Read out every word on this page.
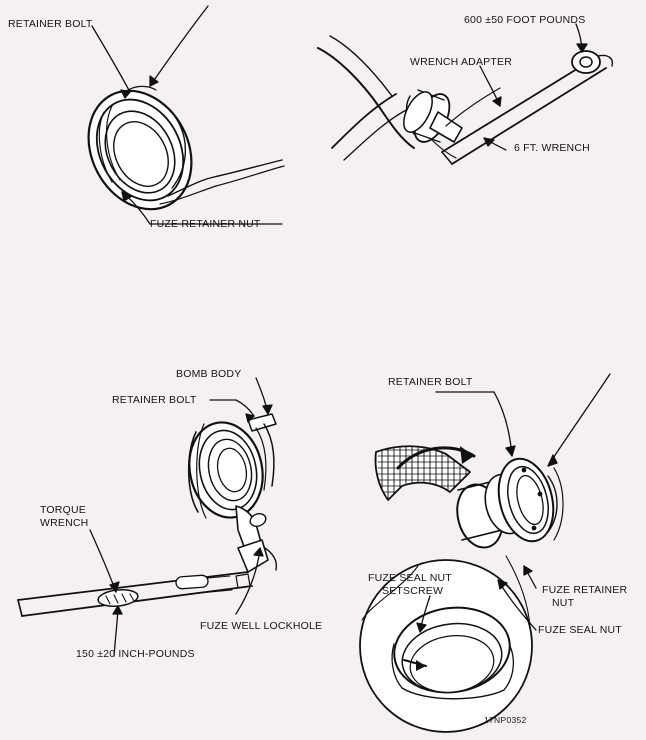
RETAINER BOLT
FUZE RETAINER NUT
600 ±50 FOOT POUNDS
WRENCH ADAPTER
6 FT. WRENCH
BOMB BODY
RETAINER BOLT
TORQUE
WRENCH
FUZE WELL LOCKHOLE
150 ±20 INCH-POUNDS
RETAINER BOLT
FUZE SEAL NUT
SETSCREW	FUZE RETAINER
NUT
FUZE SEAL NUT
17NP0352
